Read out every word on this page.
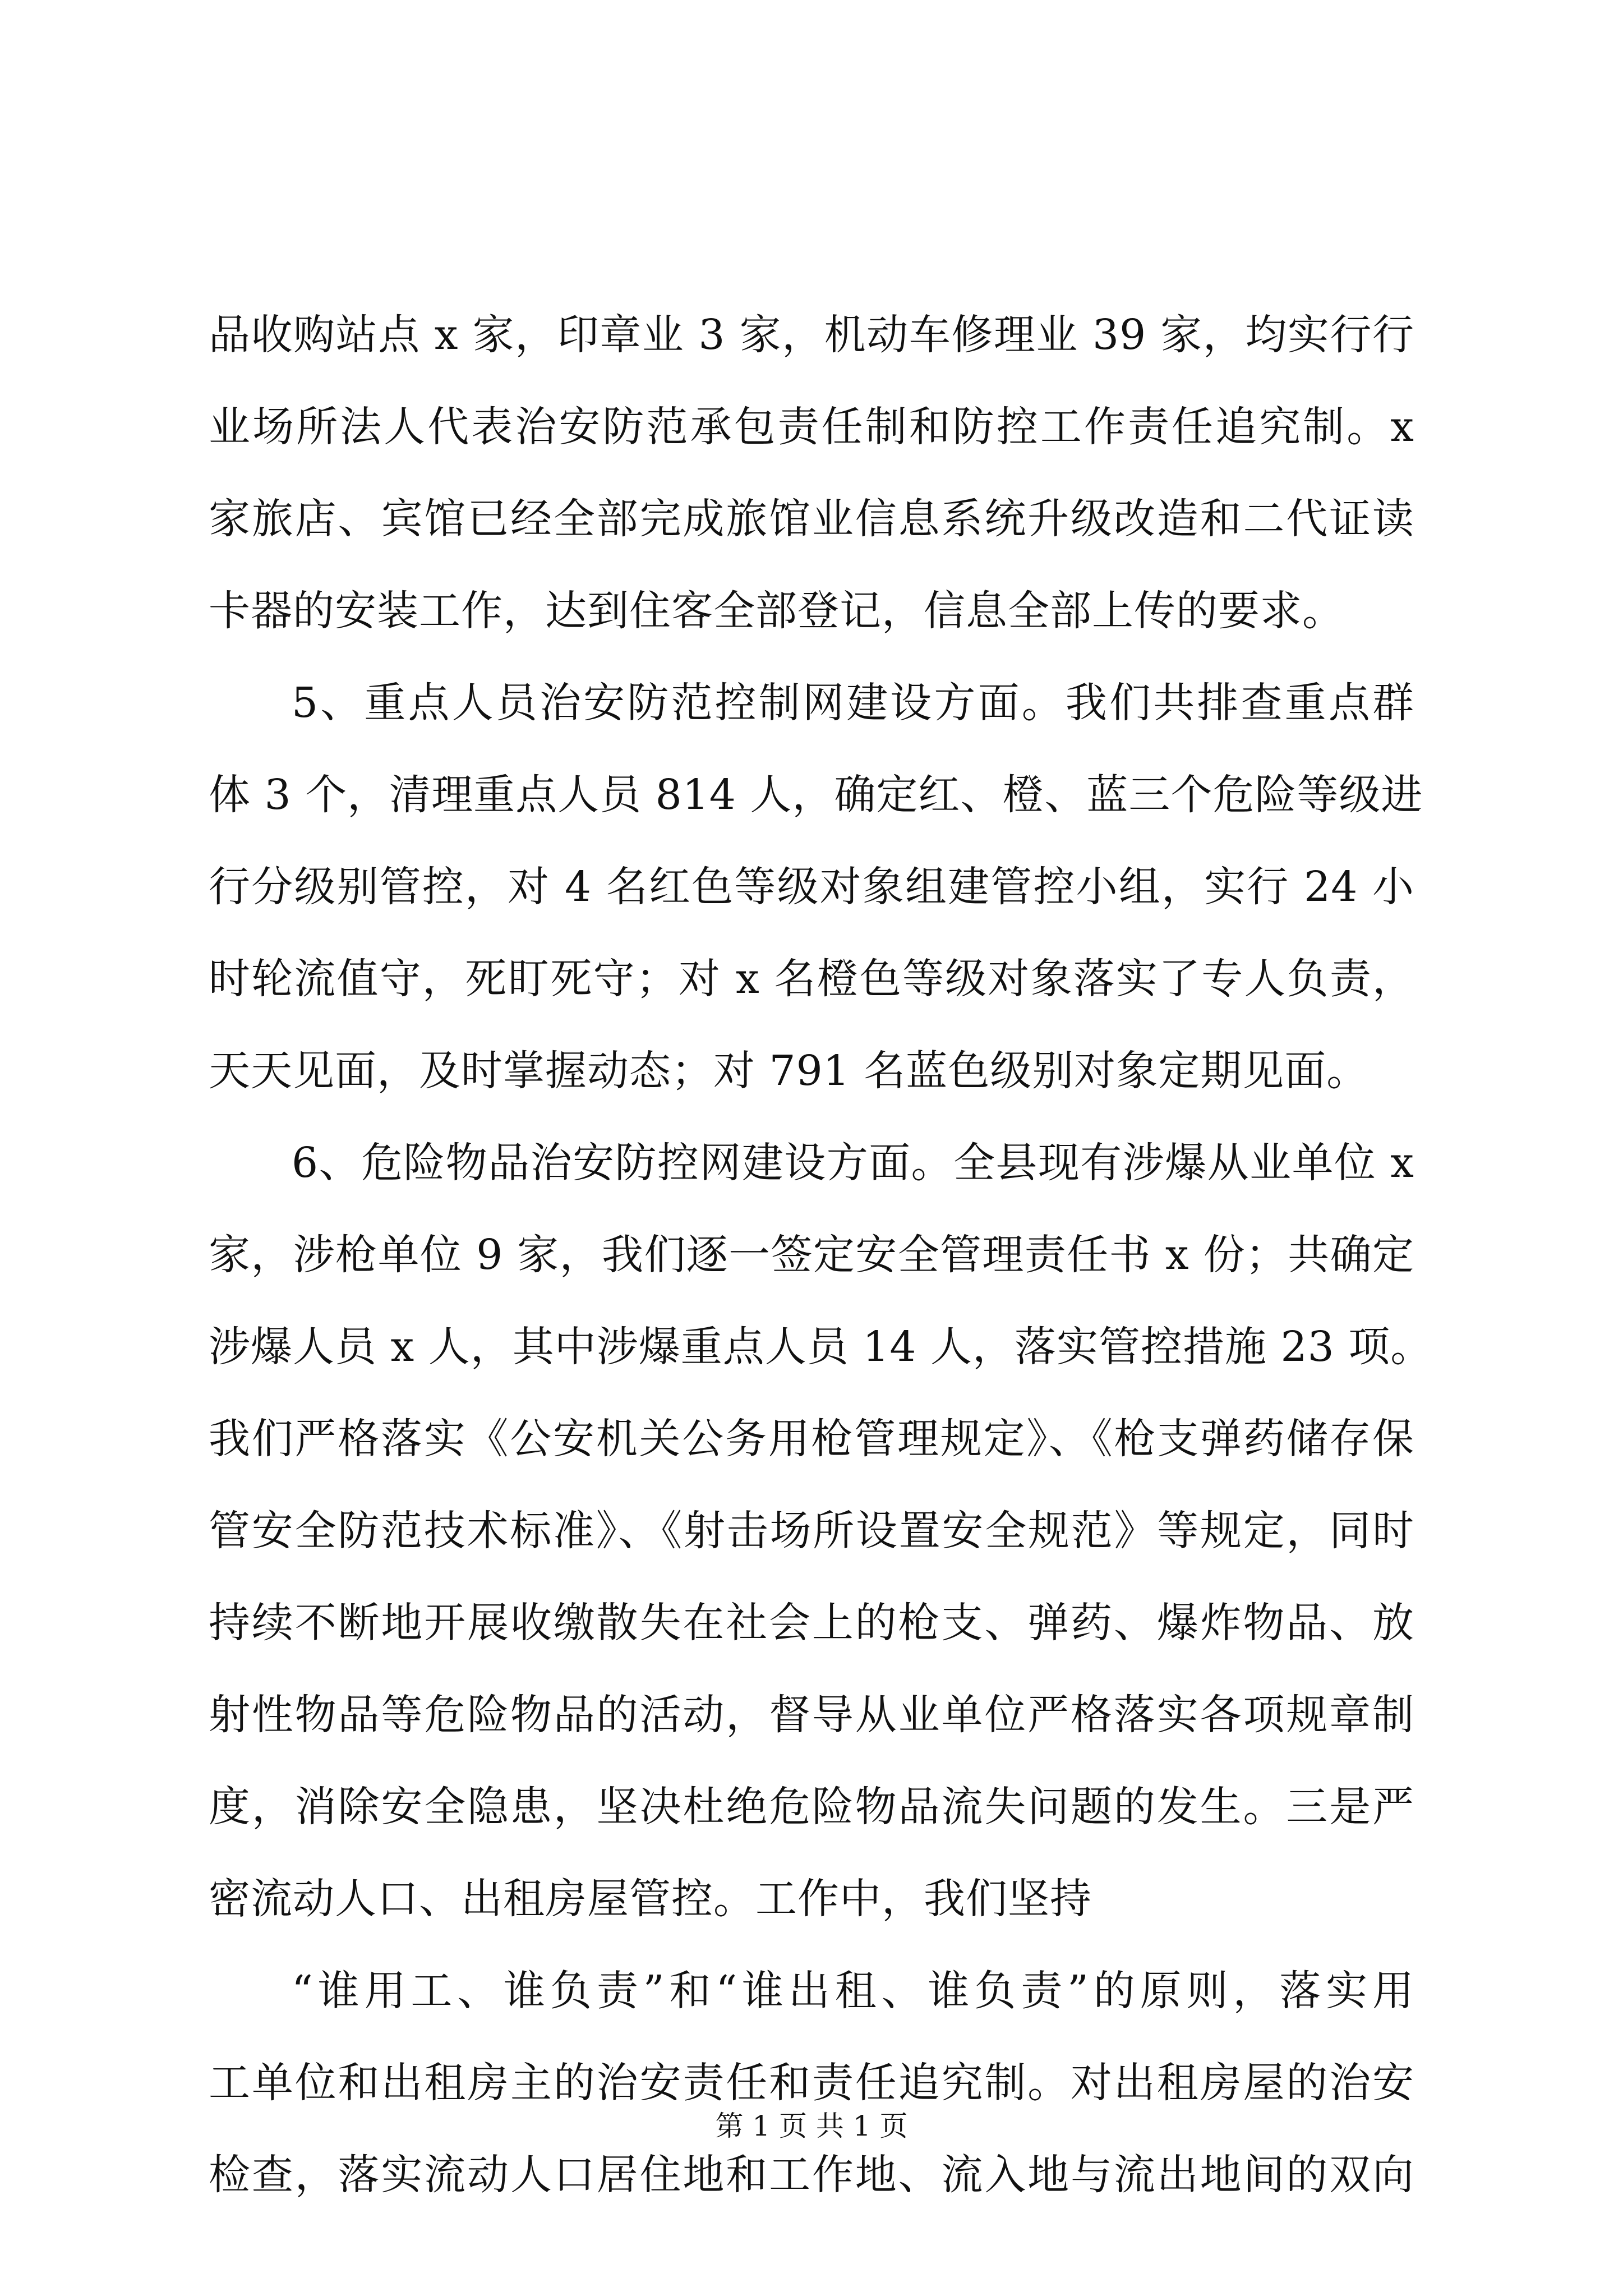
品收购站点 x 家，印章业 3 家，机动车修理业 39 家，均实行行
业场所法人代表治安防范承包责任制和防控工作责任追究制。x
家旅店、宾馆已经全部完成旅馆业信息系统升级改造和二代证读
卡器的安装工作，达到住客全部登记，信息全部上传的要求。
5、重点人员治安防范控制网建设方面。我们共排查重点群
体 3 个，清理重点人员 814 人，确定红、橙、蓝三个危险等级进
行分级别管控，对 4 名红色等级对象组建管控小组，实行 24 小
时轮流值守，死盯死守；对 x 名橙色等级对象落实了专人负责，
天天见面，及时掌握动态；对 791 名蓝色级别对象定期见面。
6、危险物品治安防控网建设方面。全县现有涉爆从业单位 x
家，涉枪单位 9 家，我们逐一签定安全管理责任书 x 份；共确定
涉爆人员 x 人，其中涉爆重点人员 14 人，落实管控措施 23 项。
我们严格落实《公安机关公务用枪管理规定》、《枪支弹药储存保
管安全防范技术标准》、《射击场所设置安全规范》等规定，同时
持续不断地开展收缴散失在社会上的枪支、弹药、爆炸物品、放
射性物品等危险物品的活动，督导从业单位严格落实各项规章制
度，消除安全隐患，坚决杜绝危险物品流失问题的发生。三是严
密流动人口、出租房屋管控。工作中，我们坚持
“谁用工、谁负责”和“谁出租、谁负责”的原则，落实用
工单位和出租房主的治安责任和责任追究制。对出租房屋的治安
检查，落实流动人口居住地和工作地、流入地与流出地间的双向
第 1 页 共 1 页
